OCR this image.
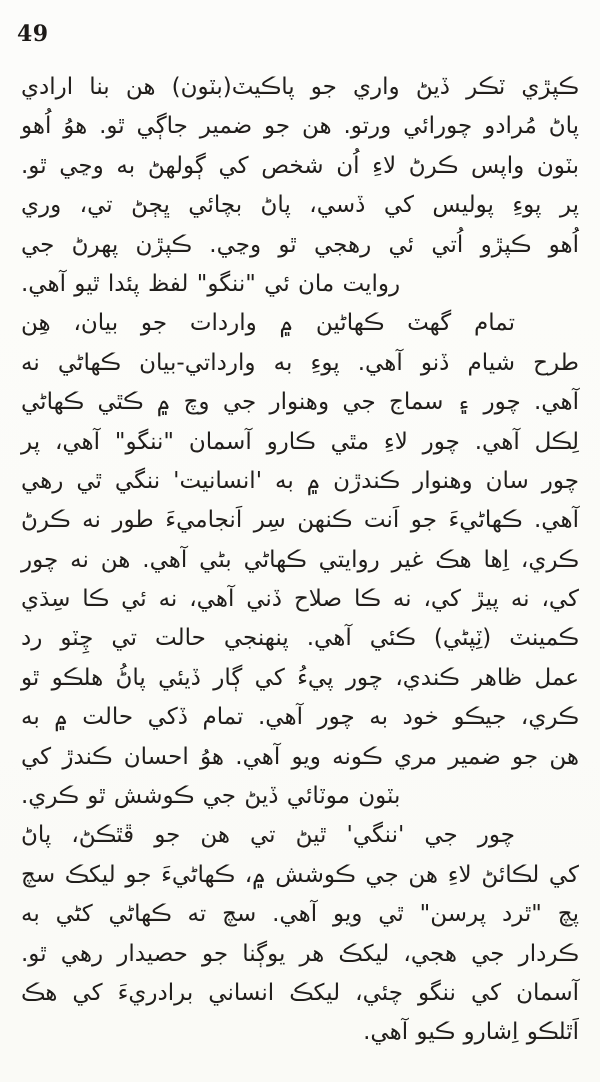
49
ڪپڙي ٽڪر ڏيڻ واري جو پاڪيٽ(بٽون) هن بنا ارادي
پاڻ مُرادو چورائي ورتو. هن جو ضمير جاڳي ٿو. هوُ اُهو
بٽون واپس ڪرڻ لاءِ اُن شخص کي ڳولهڻ به وڃي ٿو.
پر پوءِ پوليس کي ڏسي، پاڻ بچائي ڀڄڻ تي، وري
اُهو ڪپڙو اُتي ئي رهجي ٿو وڃي. ڪپڙن پهرڻ جي
روايت مان ئي "ننگو" لفظ پئدا ٿيو آهي.
تمام گهٽ ڪهاڻين ۾ واردات جو بيان، هِن
طرح شيام ڏنو آهي. پوءِ به وارداتي-بيان ڪهاڻي نه
آهي. چور ۽ سماج جي وهنوار جي وچ ۾ ڪٿي ڪهاڻي
لِڪل آهي. چور لاءِ مٿي ڪارو آسمان "ننگو" آهي، پر
چور سان وهنوار ڪندڙن ۾ به 'انسانيت' ننگي ٿي رهي
آهي. ڪهاڻيءَ جو اَنت ڪنهن سِر اَنجاميءَ طور نه ڪرڻ
ڪري، اِها هڪ غير روايتي ڪهاڻي بڻي آهي. هن نه چور
کي، نه پيڙ کي، نه ڪا صلاح ڏني آهي، نه ئي ڪا سِڌي
ڪمينٽ (ٽِپڻي) ڪئي آهي. پنهنجي حالت تي چِٽو رد
عمل ظاهر ڪندي، چور پيءُ کي ڳار ڏيئي پاڻُ هلڪو ٿو
ڪري، جيڪو خود به چور آهي. تمام ڏکي حالت ۾ به
هن جو ضمير مري ڪونه ويو آهي. هوُ احسان ڪندڙ کي
بٽون موٽائي ڏيڻ جي ڪوشش ٿو ڪري.
چور جي 'ننگي' ٿيڻ تي هن جو ڦٿڪڻ، پاڻ
کي لڪائڻ لاءِ هن جي ڪوشش ۾، ڪهاڻيءَ جو ليکڪ سچ
پچ "ٿرد پرسن" ٿي ويو آهي. سچ ته ڪهاڻي کڻي به
ڪردار جي هجي، ليکڪ هر يوڳنا جو حصيدار رهي ٿو.
آسمان کي ننگو چئي، ليکڪ انساني برادريءَ کي هڪ
اَٿلڪو اِشارو ڪيو آهي.
